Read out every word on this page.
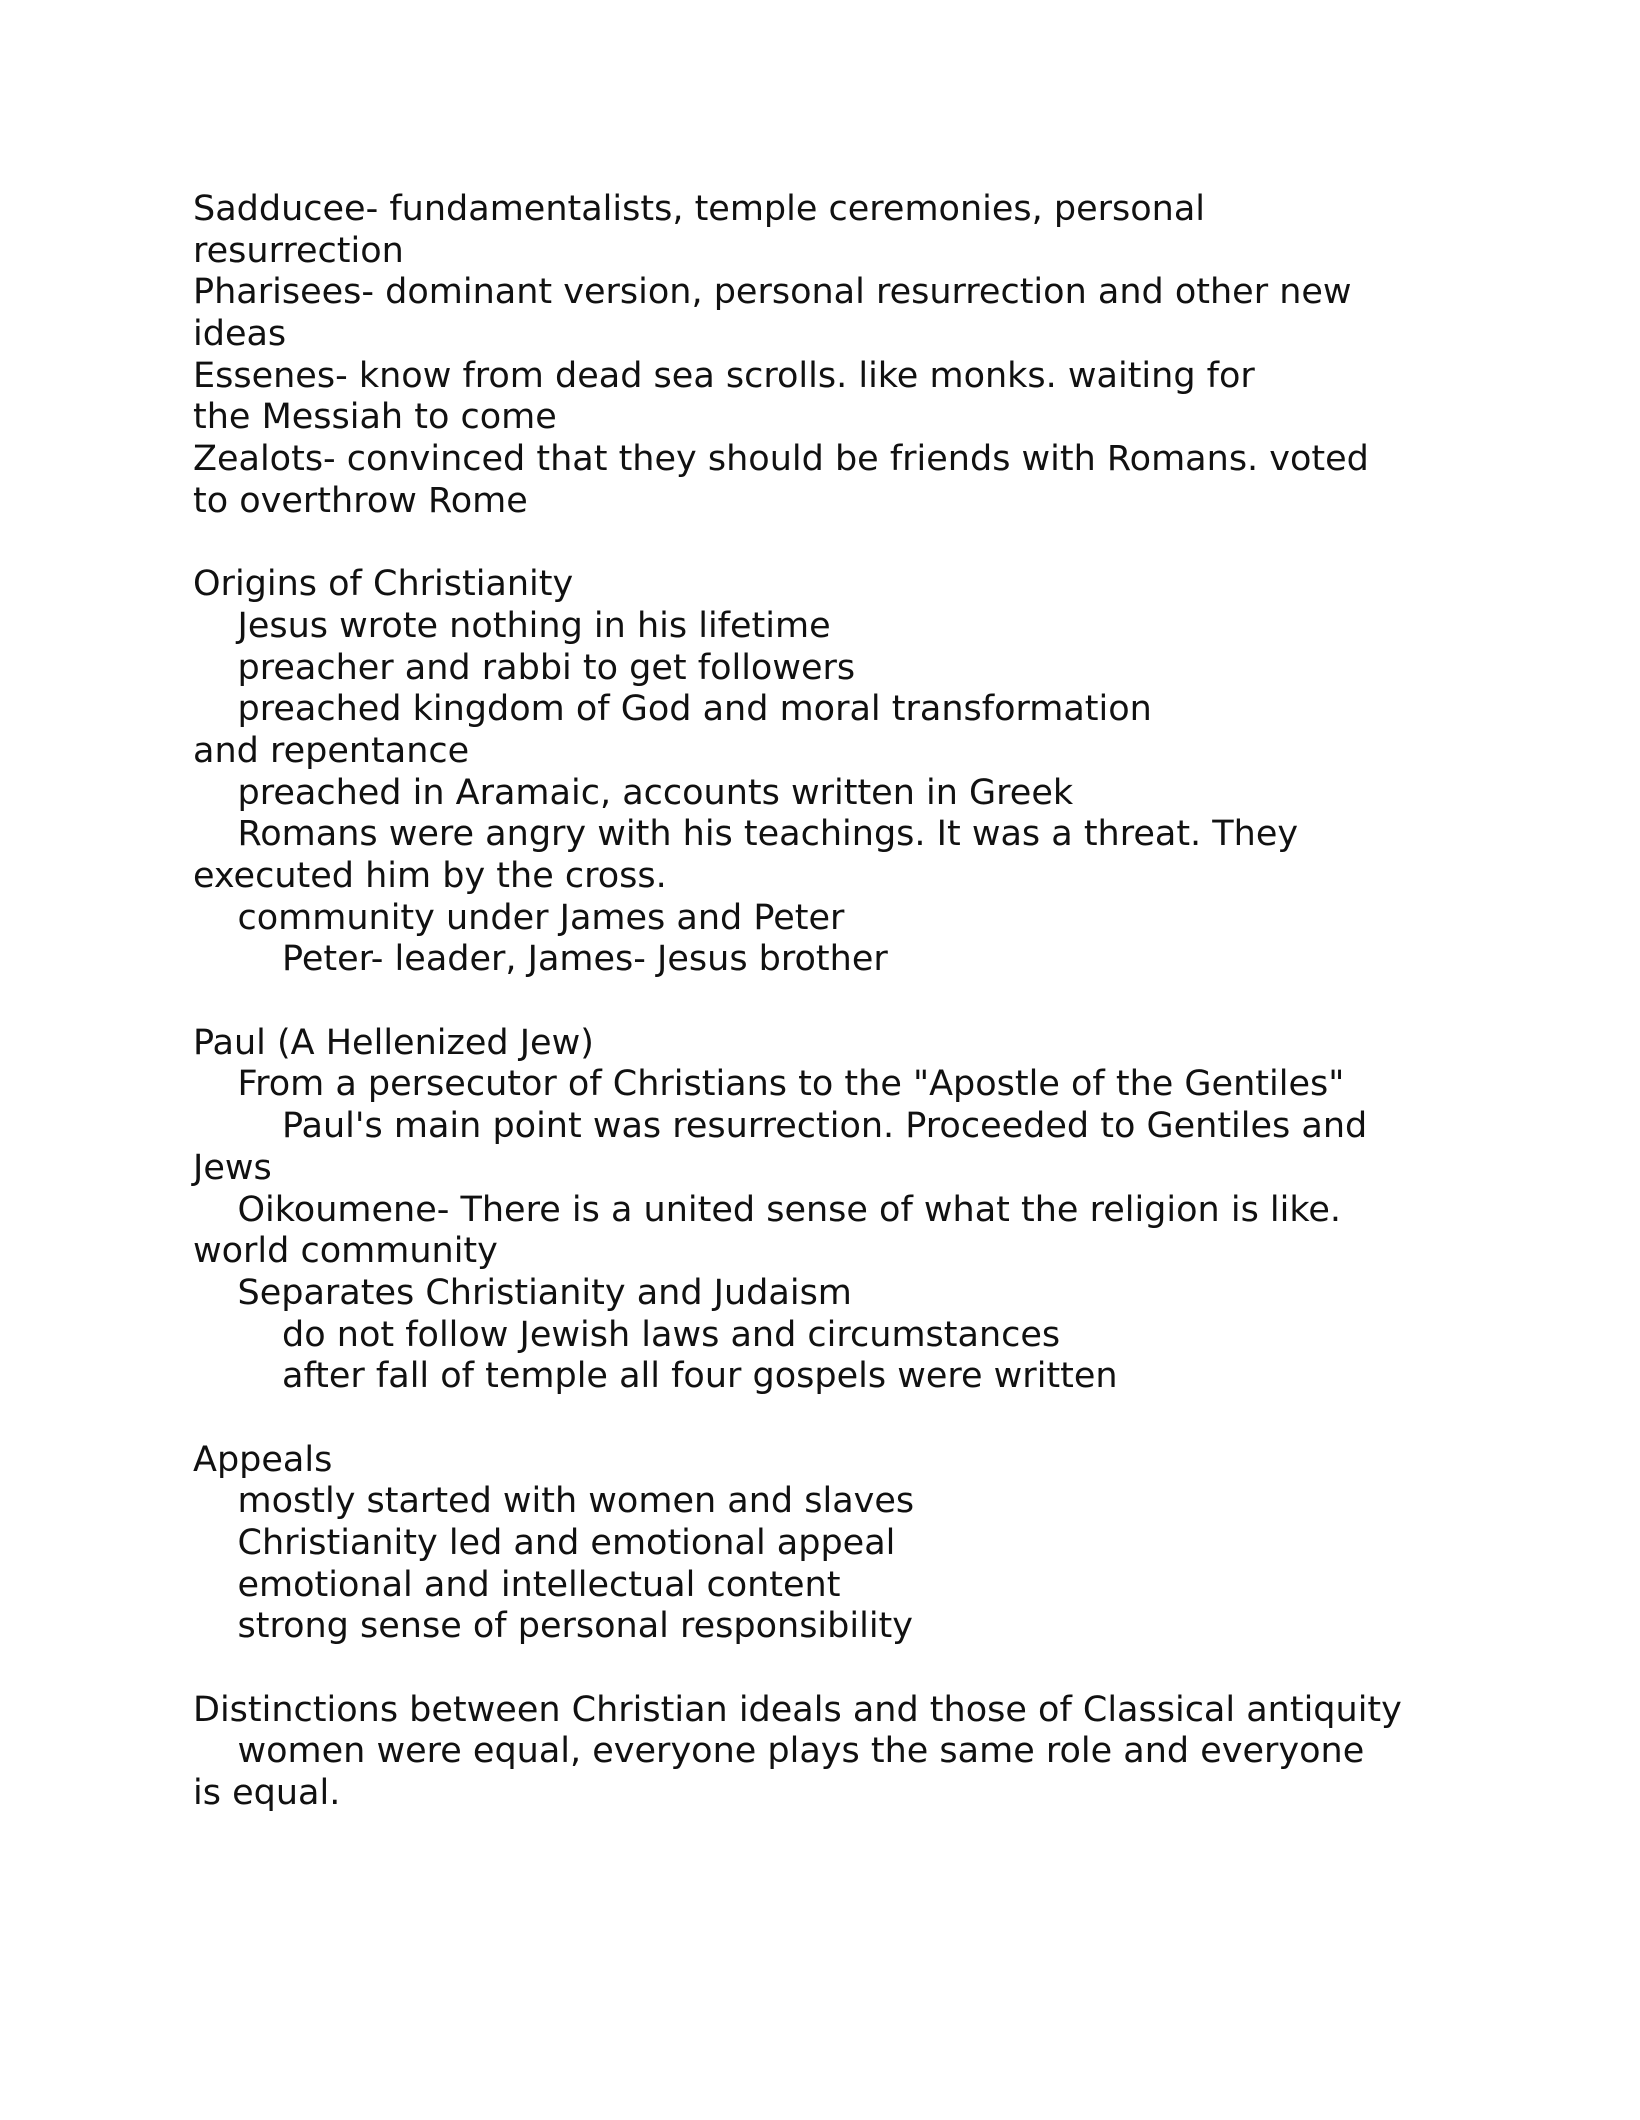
Sadducee- fundamentalists, temple ceremonies, personal
resurrection
Pharisees- dominant version, personal resurrection and other new
ideas
Essenes- know from dead sea scrolls. like monks. waiting for
the Messiah to come
Zealots- convinced that they should be friends with Romans. voted
to overthrow Rome
Origins of Christianity
Jesus wrote nothing in his lifetime
preacher and rabbi to get followers
preached kingdom of God and moral transformation
and repentance
preached in Aramaic, accounts written in Greek
Romans were angry with his teachings. It was a threat. They
executed him by the cross.
community under James and Peter
Peter- leader, James- Jesus brother
Paul (A Hellenized Jew)
From a persecutor of Christians to the "Apostle of the Gentiles"
Paul's main point was resurrection. Proceeded to Gentiles and
Jews
Oikoumene- There is a united sense of what the religion is like.
world community
Separates Christianity and Judaism
do not follow Jewish laws and circumstances
after fall of temple all four gospels were written
Appeals
mostly started with women and slaves
Christianity led and emotional appeal
emotional and intellectual content
strong sense of personal responsibility
Distinctions between Christian ideals and those of Classical antiquity
women were equal, everyone plays the same role and everyone
is equal.
